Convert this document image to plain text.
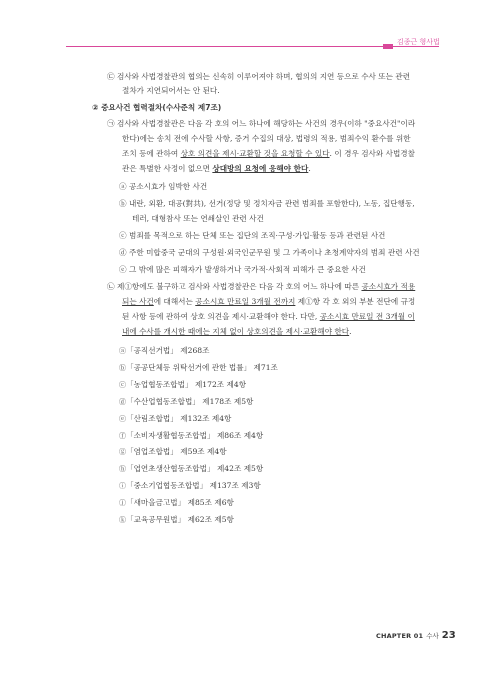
김종근 형사법
㉢ 검사와 사법경찰관의 협의는 신속히 이루어져야 하며, 협의의 지연 등으로 수사 또는 관련
절차가 지연되어서는 안 된다.
② 중요사건 협력절차(수사준칙 제7조)
㉠ 검사와 사법경찰관은 다음 각 호의 어느 하나에 해당하는 사건의 경우(이하 "중요사건"이라
한다)에는 송치 전에 수사할 사항, 증거 수집의 대상, 법령의 적용, 범죄수익 환수를 위한
조치 등에 관하여 상호 의견을 제시·교환할 것을 요청할 수 있다. 이 경우 검사와 사법경찰
관은 특별한 사정이 없으면 상대방의 요청에 응해야 한다.
ⓐ 공소시효가 임박한 사건
ⓑ 내란, 외환, 대공(對共), 선거(정당 및 정치자금 관련 범죄를 포함한다), 노동, 집단행동,
테러, 대형참사 또는 연쇄살인 관련 사건
ⓒ 범죄를 목적으로 하는 단체 또는 집단의 조직·구성·가입·활동 등과 관련된 사건
ⓓ 주한 미합중국 군대의 구성원·외국인군무원 및 그 가족이나 초청계약자의 범죄 관련 사건
ⓔ 그 밖에 많은 피해자가 발생하거나 국가적·사회적 피해가 큰 중요한 사건
㉡ 제①항에도 불구하고 검사와 사법경찰관은 다음 각 호의 어느 하나에 따른 공소시효가 적용
되는 사건에 대해서는 공소시효 만료일 3개월 전까지 제①항 각 호 외의 부분 전단에 규정
된 사항 등에 관하여 상호 의견을 제시·교환해야 한다. 다만, 공소시효 만료일 전 3개월 이
내에 수사를 개시한 때에는 지체 없이 상호의견을 제시·교환해야 한다.
ⓐ「공직선거법」 제268조
ⓑ「공공단체등 위탁선거에 관한 법률」 제71조
ⓒ「농업협동조합법」 제172조 제4항
ⓓ「수산업협동조합법」 제178조 제5항
ⓔ「산림조합법」 제132조 제4항
ⓕ「소비자생활협동조합법」 제86조 제4항
ⓖ「염업조합법」 제59조 제4항
ⓗ「엽연초생산협동조합법」 제42조 제5항
ⓘ「중소기업협동조합법」 제137조 제3항
ⓙ「새마을금고법」 제85조 제6항
ⓚ「교육공무원법」 제62조 제5항
CHAPTER 01 수사 23
